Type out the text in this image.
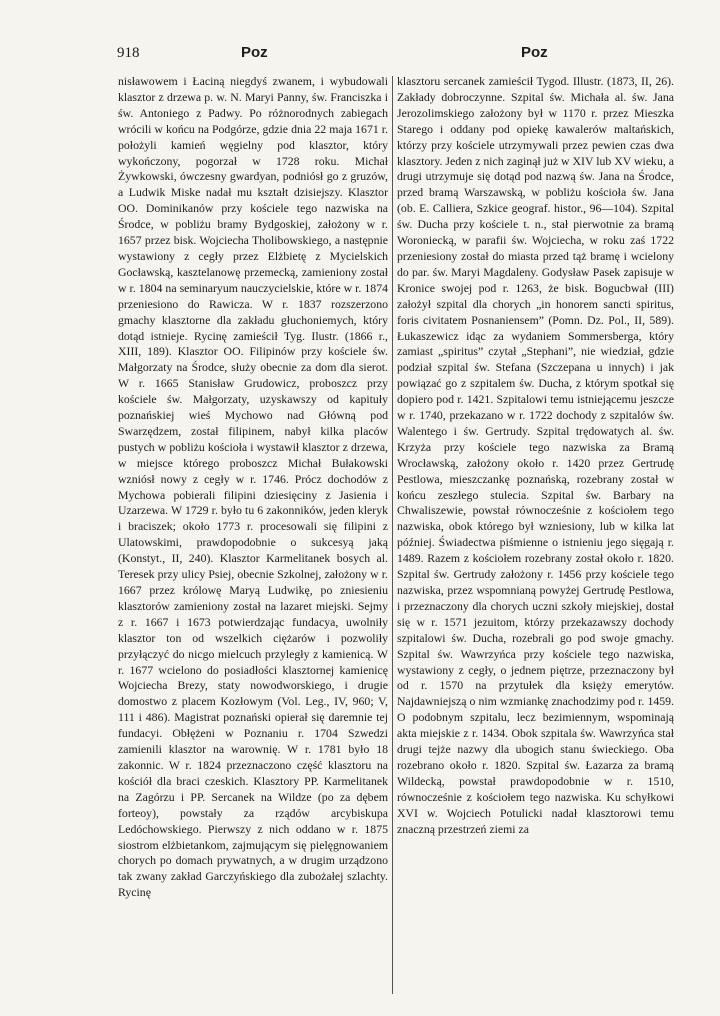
918	Poz	Poz

nisławowem i Łaciną niegdyś zwanem, i wybudowali klasztor z drzewa p. w. N. Maryi Panny, św. Franciszka i św. Antoniego z Padwy. Po różnorodnych zabiegach wrócili w końcu na Podgórze, gdzie dnia 22 maja 1671 r. położyli kamień węgielny pod klasztor, który wykończony, pogorzał w 1728 roku. Michał Żywkowski, ówczesny gwardyan, podniósł go z gruzów, a Ludwik Miske nadał mu kształt dzisiejszy. Klasztor OO. Dominikanów przy kościele tego nazwiska na Środce, w pobliżu bramy Bydgoskiej, założony w r. 1657 przez bisk. Wojciecha Tholibowskiego, a następnie wystawiony z cegły przez Elżbietę z Mycielskich Gocławską, kasztelanowę przemecką, zamieniony został w r. 1804 na seminaryum nauczycielskie, które w r. 1874 przeniesiono do Rawicza. W r. 1837 rozszerzono gmachy klasztorne dla zakładu głuchoniemych, który dotąd istnieje. Rycinę zamieścił Tyg. Ilustr. (1866 r., XIII, 189). Klasztor OO. Filipinów przy kościele św. Małgorzaty na Środce, służy obecnie za dom dla sierot. W r. 1665 Stanisław Grudowicz, proboszcz przy kościele św. Małgorzaty, uzyskawszy od kapituły poznańskiej wieś Mychowo nad Główną pod Swarzędzem, został filipinem, nabył kilka placów pustych w pobliżu kościoła i wystawił klasztor z drzewa, w miejsce którego proboszcz Michał Bułakowski wzniósł nowy z cegły w r. 1746. Prócz dochodów z Mychowa pobierali filipini dziesięciny z Jasienia i Uzarzewa. W 1729 r. było tu 6 zakonników, jeden kleryk i braciszek; około 1773 r. procesowali się filipini z Ulatowskimi, prawdopodobnie o sukcesyą jaką (Konstyt., II, 240). Klasztor Karmelitanek bosych al. Teresek przy ulicy Psiej, obecnie Szkolnej, założony w r. 1667 przez królowę Maryą Ludwikę, po zniesieniu klasztorów zamieniony został na lazaret miejski. Sejmy z r. 1667 i 1673 potwierdzając fundacya, uwolniły klasztor ton od wszelkich ciężarów i pozwoliły przyłączyć do nicgo mielcuch przyległy z kamienicą. W r. 1677 wcielono do posiadłości klasztornej kamienicę Wojciecha Brezy, staty nowodworskiego, i drugie domostwo z placem Kozłowym (Vol. Leg., IV, 960; V, 111 i 486). Magistrat poznański opierał się daremnie tej fundacyi. Obłężeni w Poznaniu r. 1704 Szwedzi zamienili klasztor na warownię. W r. 1781 było 18 zakonnic. W r. 1824 przeznaczono część klasztoru na kościół dla braci czeskich. Klasztory PP. Karmelitanek na Zagórzu i PP. Sercanek na Wildze (po za dębem forteoy), powstały za rządów arcybiskupa Ledóchowskiego. Pierwszy z nich oddano w r. 1875 siostrom elżbietankom, zajmującym się pielęgnowaniem chorych po domach prywatnych, a w drugim urządzono tak zwany zakład Garczyńskiego dla zubożałej szlachty. Rycinę

klasztoru sercanek zamieścił Tygod. Illustr. (1873, II, 26). Zakłady dobroczynne. Szpital św. Michała al. św. Jana Jerozolimskiego założony był w 1170 r. przez Mieszka Starego i oddany pod opiekę kawalerów maltańskich, którzy przy kościele utrzymywali przez pewien czas dwa klasztory. Jeden z nich zaginął już w XIV lub XV wieku, a drugi utrzymuje się dotąd pod nazwą św. Jana na Środce, przed bramą Warszawską, w pobliżu kościoła św. Jana (ob. E. Calliera, Szkice geograf. histor., 96—104). Szpital św. Ducha przy kościele t. n., stał pierwotnie za bramą Woroniecką, w parafii św. Wojciecha, w roku zaś 1722 przeniesiony został do miasta przed tąż bramę i wcielony do par. św. Maryi Magdaleny. Godysław Pasek zapisuje w Kronice swojej pod r. 1263, że bisk. Bogucbwał (III) założył szpital dla chorych „in honorem sancti spiritus, foris civitatem Posnaniensem” (Pomn. Dz. Pol., II, 589). Łukaszewicz idąc za wydaniem Sommersberga, który zamiast „spiritus” czytał „Stephani”, nie wiedział, gdzie podział szpital św. Stefana (Szczepana u innych) i jak powiązać go z szpitalem św. Ducha, z którym spotkał się dopiero pod r. 1421. Szpitalowi temu istniejącemu jeszcze w r. 1740, przekazano w r. 1722 dochody z szpitalów św. Walentego i św. Gertrudy. Szpital trędowatych al. św. Krzyża przy kościele tego nazwiska za Bramą Wrocławską, założony około r. 1420 przez Gertrudę Pestlowa, mieszczankę poznańską, rozebrany został w końcu zeszłego stulecia. Szpital św. Barbary na Chwaliszewie, powstał równocześnie z kościołem tego nazwiska, obok którego był wzniesiony, lub w kilka lat później. Świadectwa piśmienne o istnieniu jego sięgają r. 1489. Razem z kościołem rozebrany został około r. 1820. Szpital św. Gertrudy założony r. 1456 przy kościele tego nazwiska, przez wspomnianą powyżej Gertrudę Pestlowa, i przeznaczony dla chorych uczni szkoły miejskiej, dostał się w r. 1571 jezuitom, którzy przekazawszy dochody szpitalowi św. Ducha, rozebrali go pod swoje gmachy. Szpital św. Wawrzyńca przy kościele tego nazwiska, wystawiony z cegły, o jednem piętrze, przeznaczony był od r. 1570 na przytułek dla księży emerytów. Najdawniejszą o nim wzmiankę znachodzimy pod r. 1459. O podobnym szpitalu, lecz bezimiennym, wspominają akta miejskie z r. 1434. Obok szpitala św. Wawrzyńca stał drugi tejże nazwy dla ubogich stanu świeckiego. Oba rozebrano około r. 1820. Szpital św. Łazarza za bramą Wildecką, powstał prawdopodobnie w r. 1510, równocześnie z kościołem tego nazwiska. Ku schyłkowi XVI w. Wojciech Potulicki nadał klasztorowi temu znaczną przestrzeń ziemi za
